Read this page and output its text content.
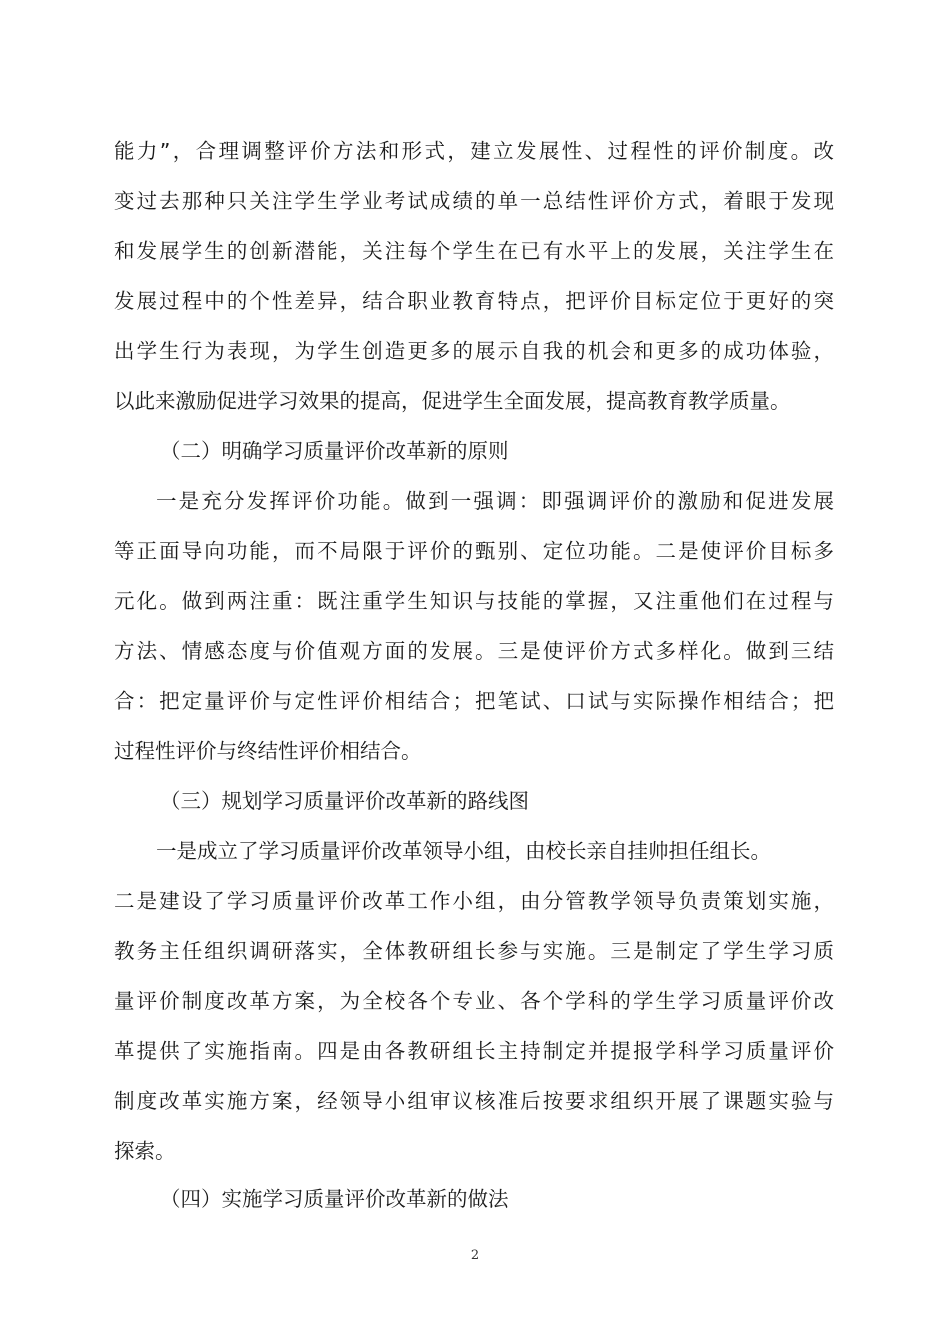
能力”，合理调整评价方法和形式，建立发展性、过程性的评价制度。改
变过去那种只关注学生学业考试成绩的单一总结性评价方式，着眼于发现
和发展学生的创新潜能，关注每个学生在已有水平上的发展，关注学生在
发展过程中的个性差异，结合职业教育特点，把评价目标定位于更好的突
出学生行为表现，为学生创造更多的展示自我的机会和更多的成功体验，
以此来激励促进学习效果的提高，促进学生全面发展，提高教育教学质量。
（二）明确学习质量评价改革新的原则
一是充分发挥评价功能。做到一强调：即强调评价的激励和促进发展
等正面导向功能，而不局限于评价的甄别、定位功能。二是使评价目标多
元化。做到两注重：既注重学生知识与技能的掌握，又注重他们在过程与
方法、情感态度与价值观方面的发展。三是使评价方式多样化。做到三结
合：把定量评价与定性评价相结合；把笔试、口试与实际操作相结合；把
过程性评价与终结性评价相结合。
（三）规划学习质量评价改革新的路线图
一是成立了学习质量评价改革领导小组，由校长亲自挂帅担任组长。
二是建设了学习质量评价改革工作小组，由分管教学领导负责策划实施，
教务主任组织调研落实，全体教研组长参与实施。三是制定了学生学习质
量评价制度改革方案，为全校各个专业、各个学科的学生学习质量评价改
革提供了实施指南。四是由各教研组长主持制定并提报学科学习质量评价
制度改革实施方案，经领导小组审议核准后按要求组织开展了课题实验与
探索。
（四）实施学习质量评价改革新的做法
2
